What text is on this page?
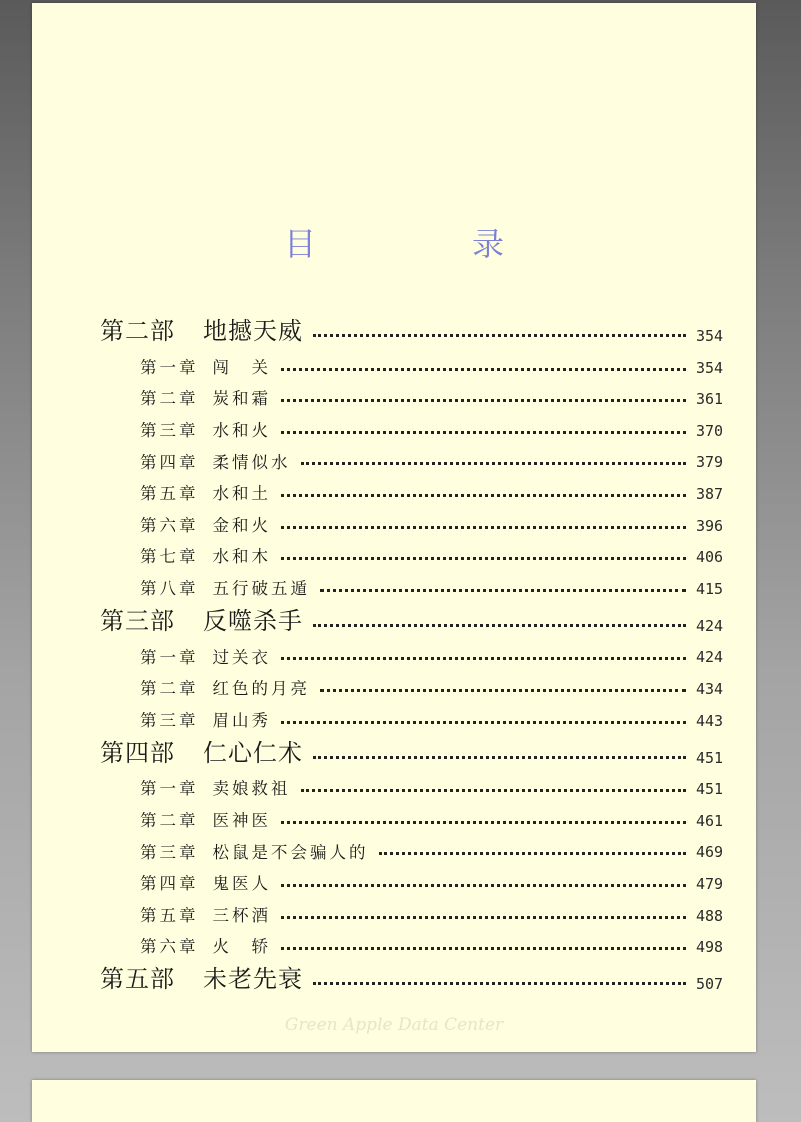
目　录
第二部 地撼天威	354
第一章 闯　关	354
第二章 炭和霜	361
第三章 水和火	370
第四章 柔情似水	379
第五章 水和土	387
第六章 金和火	396
第七章 水和木	406
第八章 五行破五遁	415
第三部 反噬杀手	424
第一章 过关衣	424
第二章 红色的月亮	434
第三章 眉山秀	443
第四部 仁心仁术	451
第一章 卖娘救祖	451
第二章 医神医	461
第三章 松鼠是不会骗人的	469
第四章 鬼医人	479
第五章 三杯酒	488
第六章 火　轿	498
第五部 未老先衰	507
Green Apple Data Center
